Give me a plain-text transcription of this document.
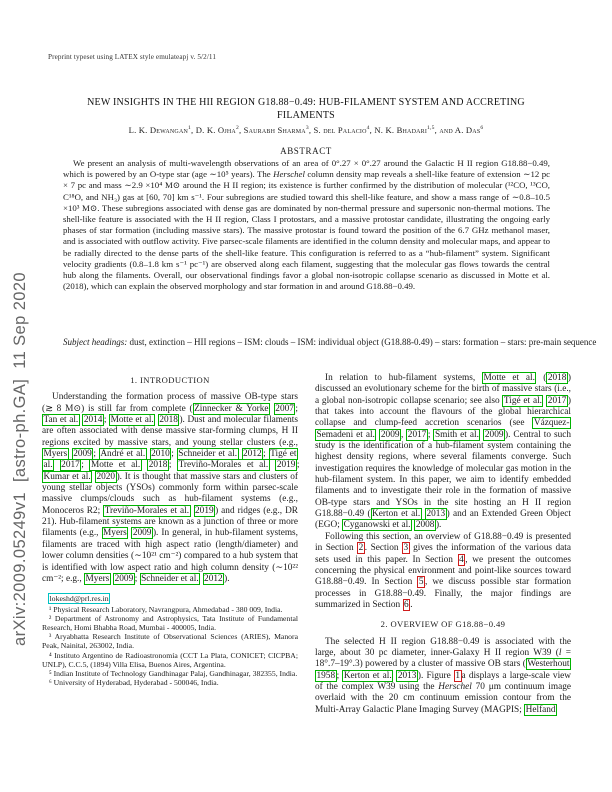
Preprint typeset using LATEX style emulateapj v. 5/2/11
arXiv:2009.05249v1  [astro-ph.GA]  11 Sep 2020
NEW INSIGHTS IN THE HII REGION G18.88−0.49: HUB-FILAMENT SYSTEM AND ACCRETING FILAMENTS
L. K. Dewangan$^1$, D. K. Ojha$^2$, Saurabh Sharma$^3$, S. del Palacio$^4$, N. K. Bhadari$^{1,5}$, and A. Das$^6$
ABSTRACT
We present an analysis of multi-wavelength observations of an area of 0°.27 × 0°.27 around the Galactic H II region G18.88−0.49, which is powered by an O-type star (age ∼10⁵ years). The Herschel column density map reveals a shell-like feature of extension ∼12 pc × 7 pc and mass ∼2.9 ×10⁴ M⊙ around the H II region; its existence is further confirmed by the distribution of molecular (¹²CO, ¹³CO, C¹⁸O, and NH₃) gas at [60, 70] km s⁻¹. Four subregions are studied toward this shell-like feature, and show a mass range of ∼0.8–10.5 ×10³ M⊙. These subregions associated with dense gas are dominated by non-thermal pressure and supersonic non-thermal motions. The shell-like feature is associated with the H II region, Class I protostars, and a massive protostar candidate, illustrating the ongoing early phases of star formation (including massive stars). The massive protostar is found toward the position of the 6.7 GHz methanol maser, and is associated with outflow activity. Five parsec-scale filaments are identified in the column density and molecular maps, and appear to be radially directed to the dense parts of the shell-like feature. This configuration is referred to as a “hub-filament” system. Significant velocity gradients (0.8–1.8 km s⁻¹ pc⁻¹) are observed along each filament, suggesting that the molecular gas flows towards the central hub along the filaments. Overall, our observational findings favor a global non-isotropic collapse scenario as discussed in Motte et al. (2018), which can explain the observed morphology and star formation in and around G18.88−0.49.
Subject headings: dust, extinction – HII regions – ISM: clouds – ISM: individual object (G18.88-0.49) – stars: formation – stars: pre-main sequence
1. INTRODUCTION

Understanding the formation process of massive OB-type stars (≳ 8 M⊙) is still far from complete ( Zinnecker & Yorke 2007 ; Tan et al. 2014 ; Motte et al. 2018 ). Dust and molecular filaments are often associated with dense massive star-forming clumps, H II regions excited by massive stars, and young stellar clusters (e.g., Myers 2009 ; André et al. 2010 ; Schneider et al. 2012 ; Tigé et al. 2017 ; Motte et al. 2018 ; Treviño-Morales et al. 2019 ; Kumar et al. 2020 ). It is thought that massive stars and clusters of young stellar objects (YSOs) commonly form within parsec-scale massive clumps/clouds such as hub-filament systems (e.g., Monoceros R2; Treviño-Morales et al. 2019 ) and ridges (e.g., DR 21). Hub-filament systems are known as a junction of three or more filaments (e.g., Myers 2009 ). In general, in hub-filament systems, filaments are traced with high aspect ratio (length/diameter) and lower column densities (∼10²¹ cm⁻²) compared to a hub system that is identified with low aspect ratio and high column density (∼10²² cm⁻²; e.g., Myers 2009 ; Schneider et al. 2012 ).

lokeshd@prl.res.in

¹ Physical Research Laboratory, Navrangpura, Ahmedabad - 380 009, India.

² Department of Astronomy and Astrophysics, Tata Institute of Fundamental Research, Homi Bhabha Road, Mumbai - 400005, India.

³ Aryabhatta Research Institute of Observational Sciences (ARIES), Manora Peak, Nainital, 263002, India.

⁴ Instituto Argentino de Radioastronomía (CCT La Plata, CONICET; CICPBA; UNLP), C.C.5, (1894) Villa Elisa, Buenos Aires, Argentina.

⁵ Indian Institute of Technology Gandhinagar Palaj, Gandhinagar, 382355, India.

⁶ University of Hyderabad, Hyderabad - 500046, India.

In relation to hub-filament systems, Motte et al. ( 2018 ) discussed an evolutionary scheme for the birth of massive stars (i.e., a global non-isotropic collapse scenario; see also Tigé et al. 2017 ) that takes into account the flavours of the global hierarchical collapse and clump-feed accretion scenarios (see Vázquez-Semadeni et al. 2009 , 2017 ; Smith et al. 2009 ). Central to such study is the identification of a hub-filament system containing the highest density regions, where several filaments converge. Such investigation requires the knowledge of molecular gas motion in the hub-filament system. In this paper, we aim to identify embedded filaments and to investigate their role in the formation of massive OB-type stars and YSOs in the site hosting an H II region G18.88−0.49 ( Kerton et al. 2013 ) and an Extended Green Object (EGO; Cyganowski et al. 2008 ).

Following this section, an overview of G18.88−0.49 is presented in Section 2 . Section 3 gives the information of the various data sets used in this paper. In Section 4 , we present the outcomes concerning the physical environment and point-like sources toward G18.88−0.49. In Section 5 , we discuss possible star formation processes in G18.88−0.49. Finally, the major findings are summarized in Section 6 .

2. OVERVIEW OF G18.88−0.49

The selected H II region G18.88−0.49 is associated with the large, about 30 pc diameter, inner-Galaxy H II region W39 (l = 18°.7–19°.3) powered by a cluster of massive OB stars ( Westerhout 1958 ; Kerton et al. 2013 ). Figure 1 a displays a large-scale view of the complex W39 using the Herschel 70 μm continuum image overlaid with the 20 cm continuum emission contour from the Multi-Array Galactic Plane Imaging Survey (MAGPIS; Helfand
